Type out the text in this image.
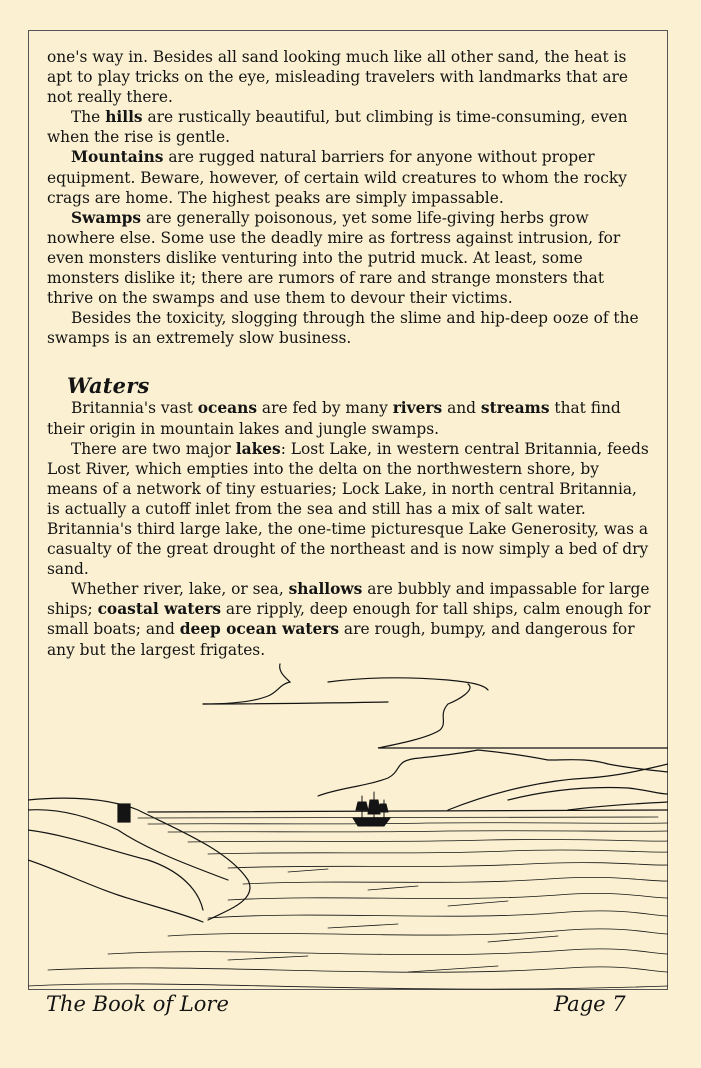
one's way in. Besides all sand looking much like all other sand, the heat is apt to play tricks on the eye, misleading travelers with landmarks that are not really there.

The hills are rustically beautiful, but climbing is time-consuming, even when the rise is gentle.

Mountains are rugged natural barriers for anyone without proper equipment. Beware, however, of certain wild creatures to whom the rocky crags are home. The highest peaks are simply impassable.

Swamps are generally poisonous, yet some life-giving herbs grow nowhere else. Some use the deadly mire as fortress against intrusion, for even monsters dislike venturing into the putrid muck. At least, some monsters dislike it; there are rumors of rare and strange monsters that thrive on the swamps and use them to devour their victims.

Besides the toxicity, slogging through the slime and hip-deep ooze of the swamps is an extremely slow business.

Waters

Britannia's vast oceans are fed by many rivers and streams that find their origin in mountain lakes and jungle swamps.

There are two major lakes: Lost Lake, in western central Britannia, feeds Lost River, which empties into the delta on the northwestern shore, by means of a network of tiny estuaries; Lock Lake, in north central Britannia, is actually a cutoff inlet from the sea and still has a mix of salt water. Britannia's third large lake, the one-time picturesque Lake Generosity, was a casualty of the great drought of the northeast and is now simply a bed of dry sand.

Whether river, lake, or sea, shallows are bubbly and impassable for large ships; coastal waters are ripply, deep enough for tall ships, calm enough for small boats; and deep ocean waters are rough, bumpy, and dangerous for any but the largest frigates.

The Book of Lore	Page 7
